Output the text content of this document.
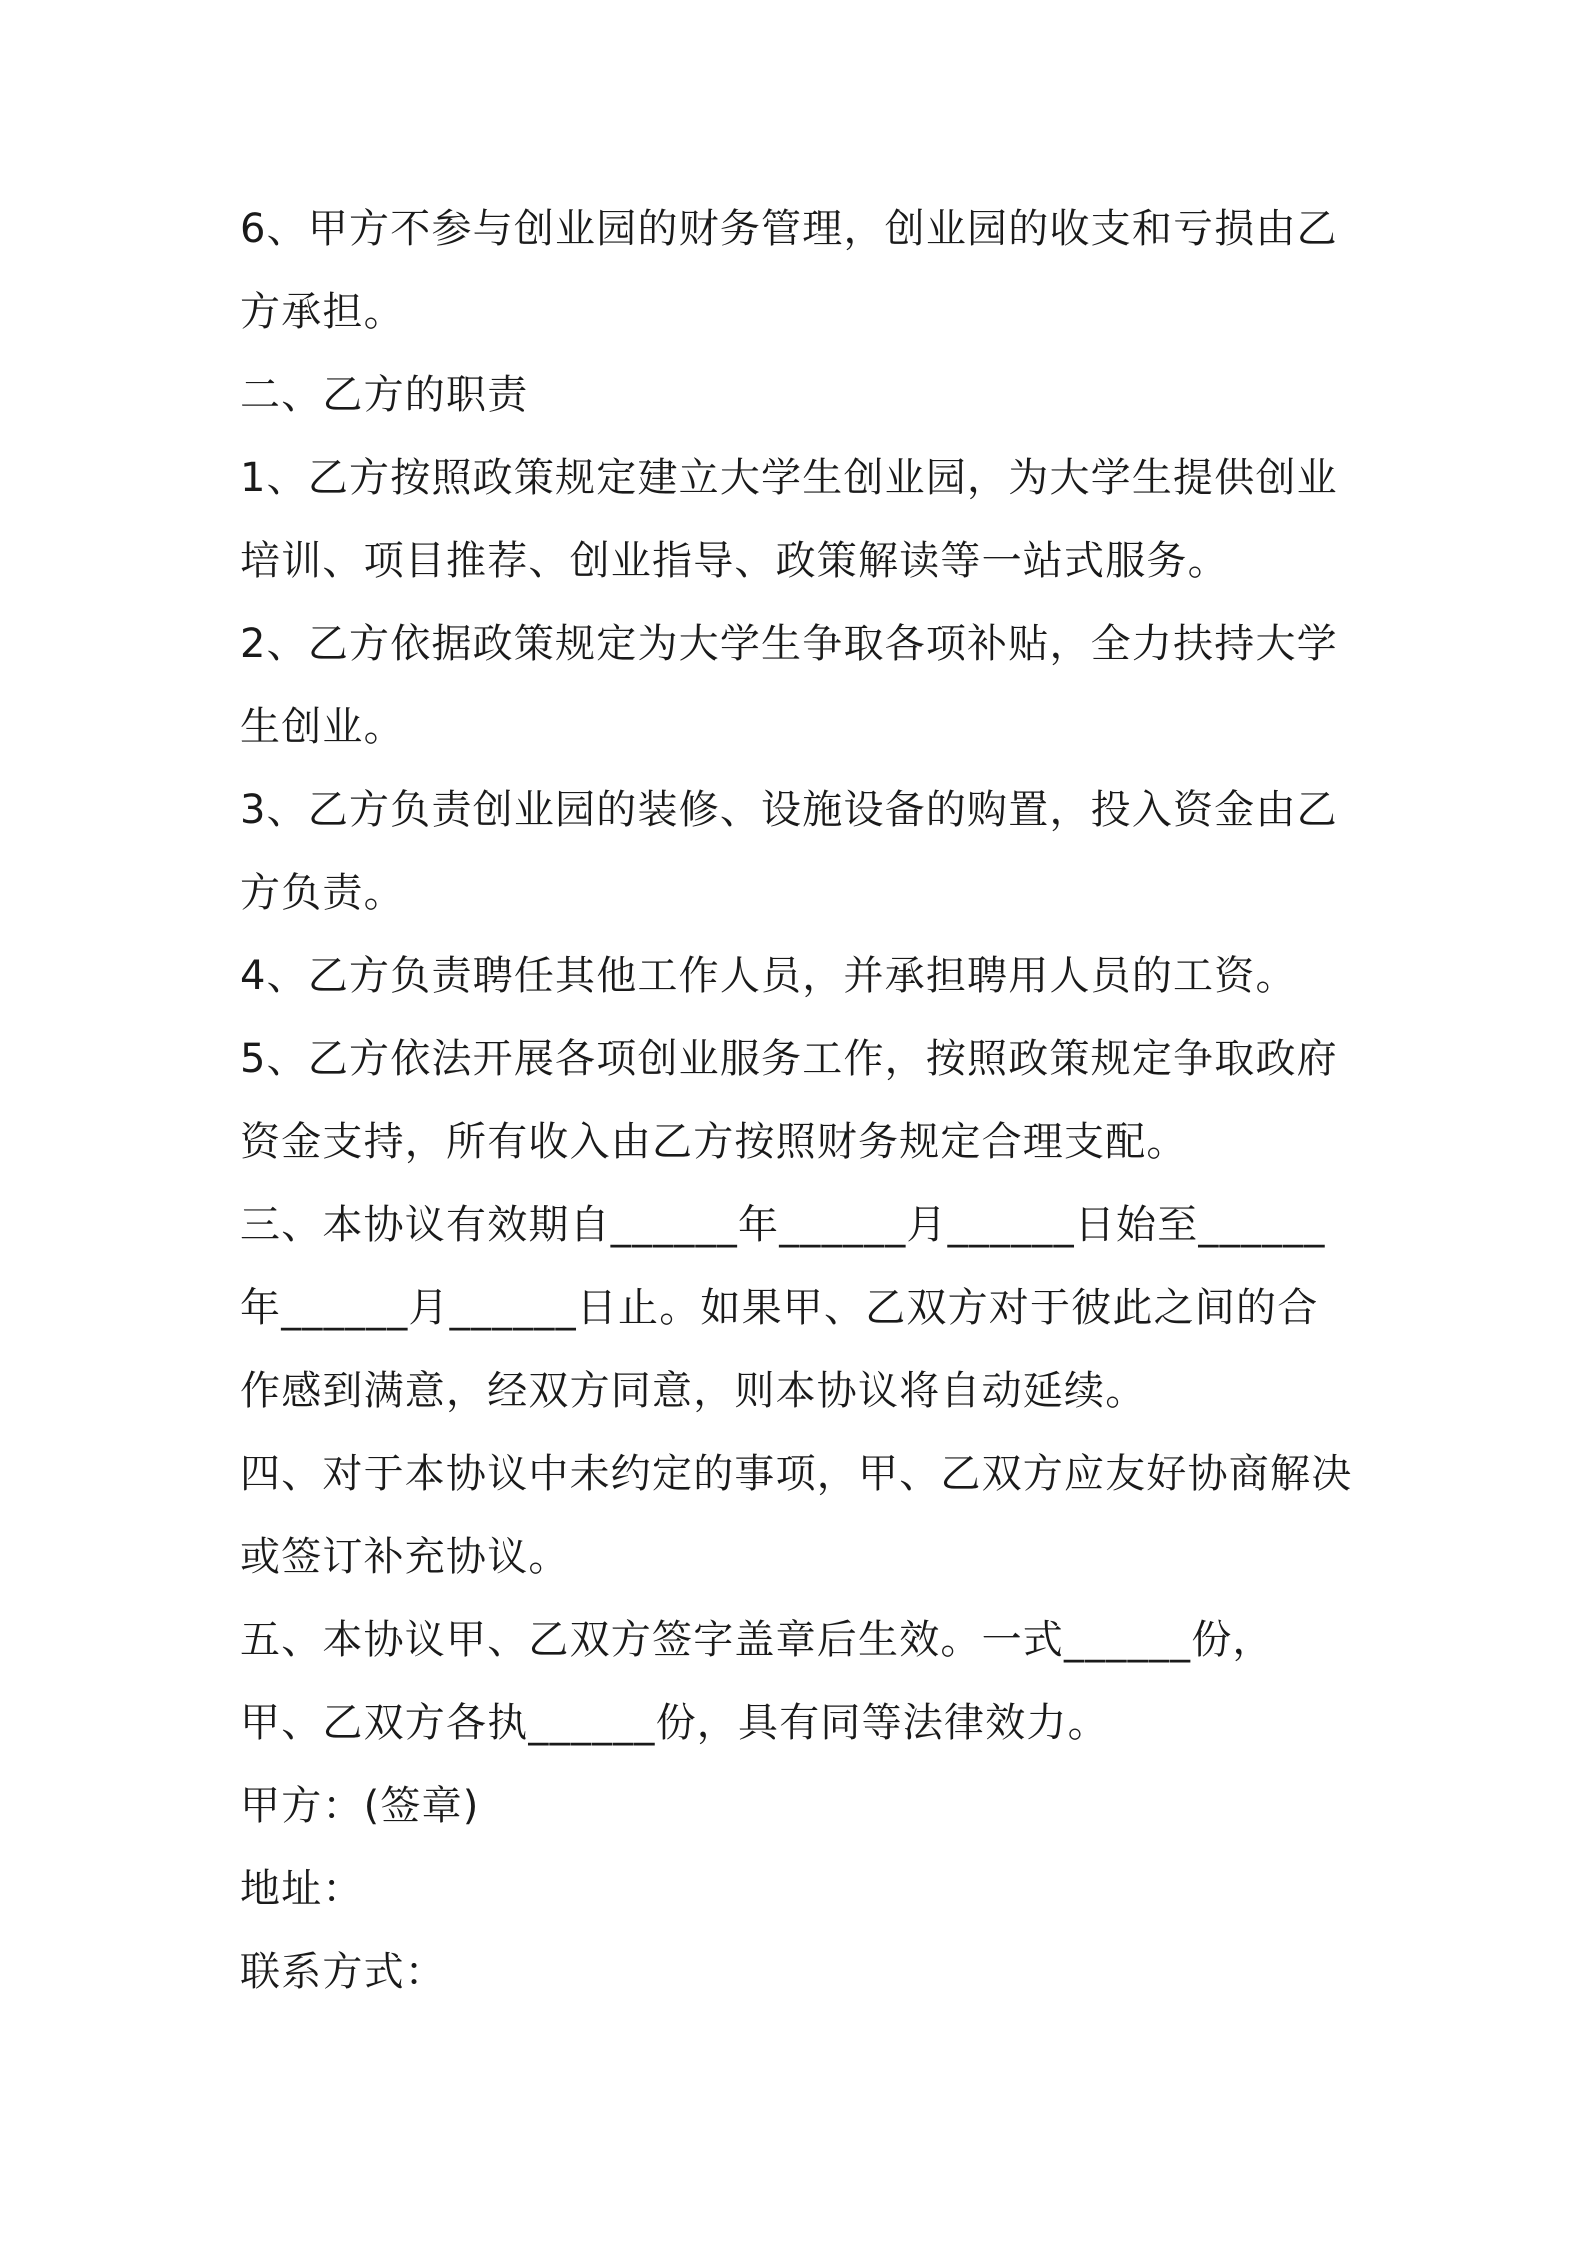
6、甲方不参与创业园的财务管理，创业园的收支和亏损由乙方承担。

二、乙方的职责

1、乙方按照政策规定建立大学生创业园，为大学生提供创业培训、项目推荐、创业指导、政策解读等一站式服务。

2、乙方依据政策规定为大学生争取各项补贴，全力扶持大学生创业。

3、乙方负责创业园的装修、设施设备的购置，投入资金由乙方负责。

4、乙方负责聘任其他工作人员，并承担聘用人员的工资。

5、乙方依法开展各项创业服务工作，按照政策规定争取政府资金支持，所有收入由乙方按照财务规定合理支配。

三、本协议有效期自______年______月______日始至______年______月______日止。如果甲、乙双方对于彼此之间的合作感到满意，经双方同意，则本协议将自动延续。

四、对于本协议中未约定的事项，甲、乙双方应友好协商解决或签订补充协议。

五、本协议甲、乙双方签字盖章后生效。一式______份，甲、乙双方各执______份，具有同等法律效力。

甲方：(签章)

地址：

联系方式：
